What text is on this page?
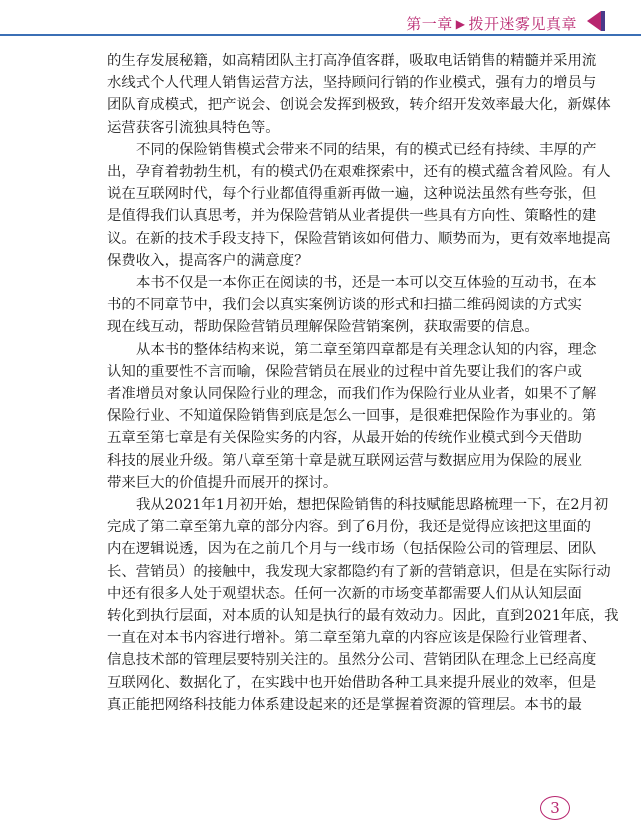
第一章 ▶ 拨开迷雾见真章

的生存发展秘籍，如高精团队主打高净值客群，吸取电话销售的精髓并采用流
水线式个人代理人销售运营方法，坚持顾问行销的作业模式，强有力的增员与
团队育成模式，把产说会、创说会发挥到极致，转介绍开发效率最大化，新媒体
运营获客引流独具特色等。
不同的保险销售模式会带来不同的结果，有的模式已经有持续、丰厚的产
出，孕育着勃勃生机，有的模式仍在艰难探索中，还有的模式蕴含着风险。有人
说在互联网时代，每个行业都值得重新再做一遍，这种说法虽然有些夸张，但
是值得我们认真思考，并为保险营销从业者提供一些具有方向性、策略性的建
议。在新的技术手段支持下，保险营销该如何借力、顺势而为，更有效率地提高
保费收入，提高客户的满意度？
本书不仅是一本你正在阅读的书，还是一本可以交互体验的互动书，在本
书的不同章节中，我们会以真实案例访谈的形式和扫描二维码阅读的方式实
现在线互动，帮助保险营销员理解保险营销案例，获取需要的信息。
从本书的整体结构来说，第二章至第四章都是有关理念认知的内容，理念
认知的重要性不言而喻，保险营销员在展业的过程中首先要让我们的客户或
者准增员对象认同保险行业的理念，而我们作为保险行业从业者，如果不了解
保险行业、不知道保险销售到底是怎么一回事，是很难把保险作为事业的。第
五章至第七章是有关保险实务的内容，从最开始的传统作业模式到今天借助
科技的展业升级。第八章至第十章是就互联网运营与数据应用为保险的展业
带来巨大的价值提升而展开的探讨。
我从2021年1月初开始，想把保险销售的科技赋能思路梳理一下，在2月初
完成了第二章至第九章的部分内容。到了6月份，我还是觉得应该把这里面的
内在逻辑说透，因为在之前几个月与一线市场（包括保险公司的管理层、团队
长、营销员）的接触中，我发现大家都隐约有了新的营销意识，但是在实际行动
中还有很多人处于观望状态。任何一次新的市场变革都需要人们从认知层面
转化到执行层面，对本质的认知是执行的最有效动力。因此，直到2021年底，我
一直在对本书内容进行增补。第二章至第九章的内容应该是保险行业管理者、
信息技术部的管理层要特别关注的。虽然分公司、营销团队在理念上已经高度
互联网化、数据化了，在实践中也开始借助各种工具来提升展业的效率，但是
真正能把网络科技能力体系建设起来的还是掌握着资源的管理层。本书的最

3
